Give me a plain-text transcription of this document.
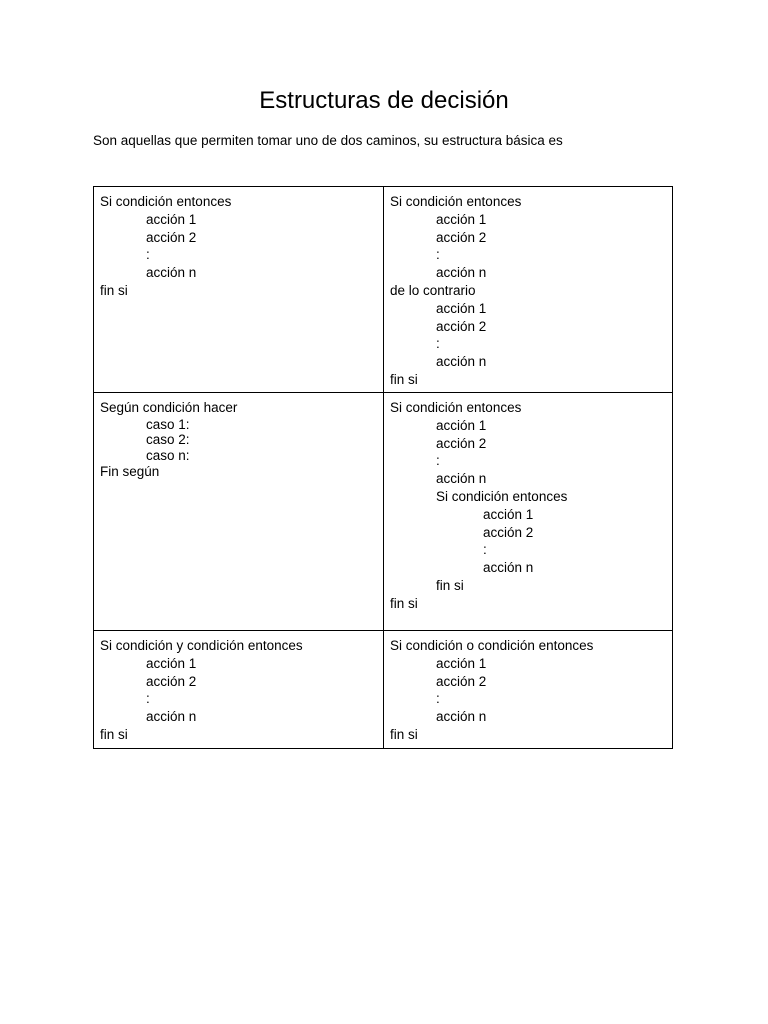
Estructuras de decisión

Son aquellas que permiten tomar uno de dos caminos, su estructura básica es

Si condición entonces
acción 1
acción 2
:
acción n
fin si
Si condición entonces
acción 1
acción 2
:
acción n
de lo contrario
acción 1
acción 2
:
acción n
fin si
Según condición hacer
caso 1:
caso 2:
caso n:
Fin según
Si condición entonces
acción 1
acción 2
:
acción n
Si condición entonces
acción 1
acción 2
:
acción n
fin si
fin si
Si condición y condición entonces
acción 1
acción 2
:
acción n
fin si
Si condición o condición entonces
acción 1
acción 2
:
acción n
fin si
